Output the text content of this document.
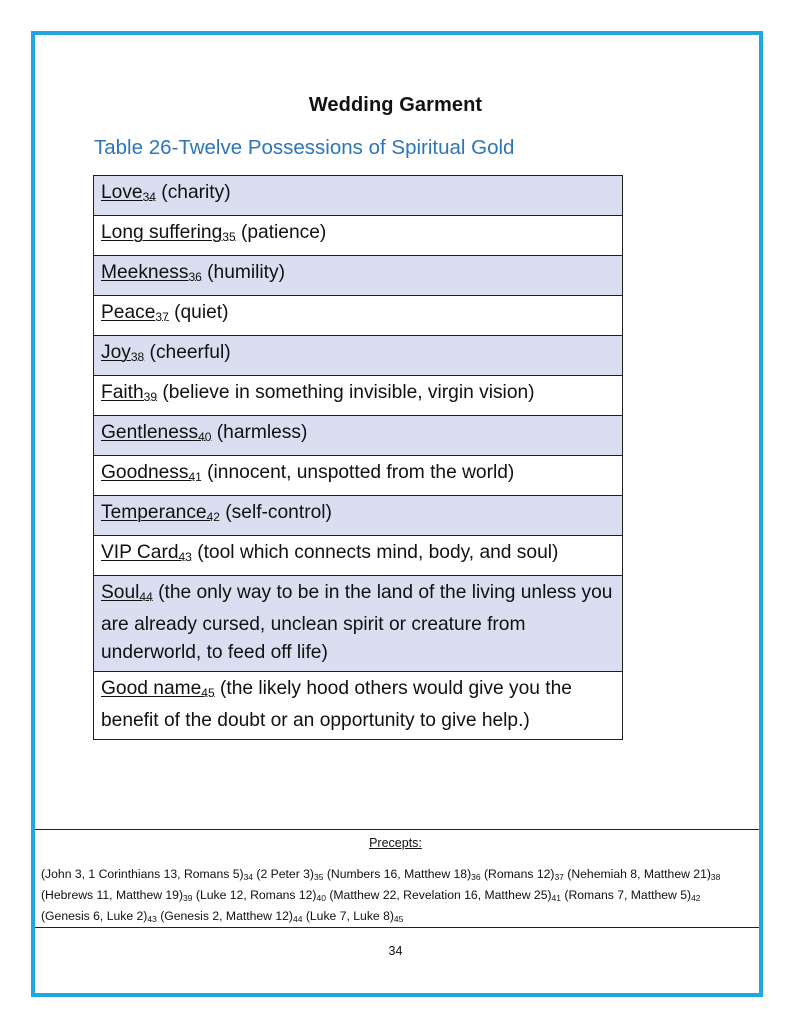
Wedding Garment
Table 26-Twelve Possessions of Spiritual Gold
Love$_{34}$ (charity)
Long suffering$_{35}$ (patience)
Meekness$_{36}$ (humility)
Peace$_{37}$ (quiet)
Joy$_{38}$ (cheerful)
Faith$_{39}$ (believe in something invisible, virgin vision)
Gentleness$_{40}$ (harmless)
Goodness$_{41}$ (innocent, unspotted from the world)
Temperance$_{42}$ (self-control)
VIP Card$_{43}$ (tool which connects mind, body, and soul)
Soul$_{44}$ (the only way to be in the land of the living unless you are already cursed, unclean spirit or creature from underworld, to feed off life)
Good name$_{45}$ (the likely hood others would give you the benefit of the doubt or an opportunity to give help.)
Precepts:
(John 3, 1 Corinthians 13, Romans $5)_{34}$ (2 Peter $3)_{35}$ (Numbers 16, Matthew $18)_{36}$ (Romans $12)_{37}$ (Nehemiah 8, Matthew $21)_{38}$ (Hebrews 11, Matthew $19)_{39}$ (Luke 12, Romans $12)_{40}$ (Matthew 22, Revelation 16, Matthew $25)_{41}$ (Romans 7, Matthew $5)_{42}$ (Genesis 6, Luke $2)_{43}$ (Genesis 2, Matthew $12)_{44}$ (Luke 7, Luke $8)_{45}$
34
